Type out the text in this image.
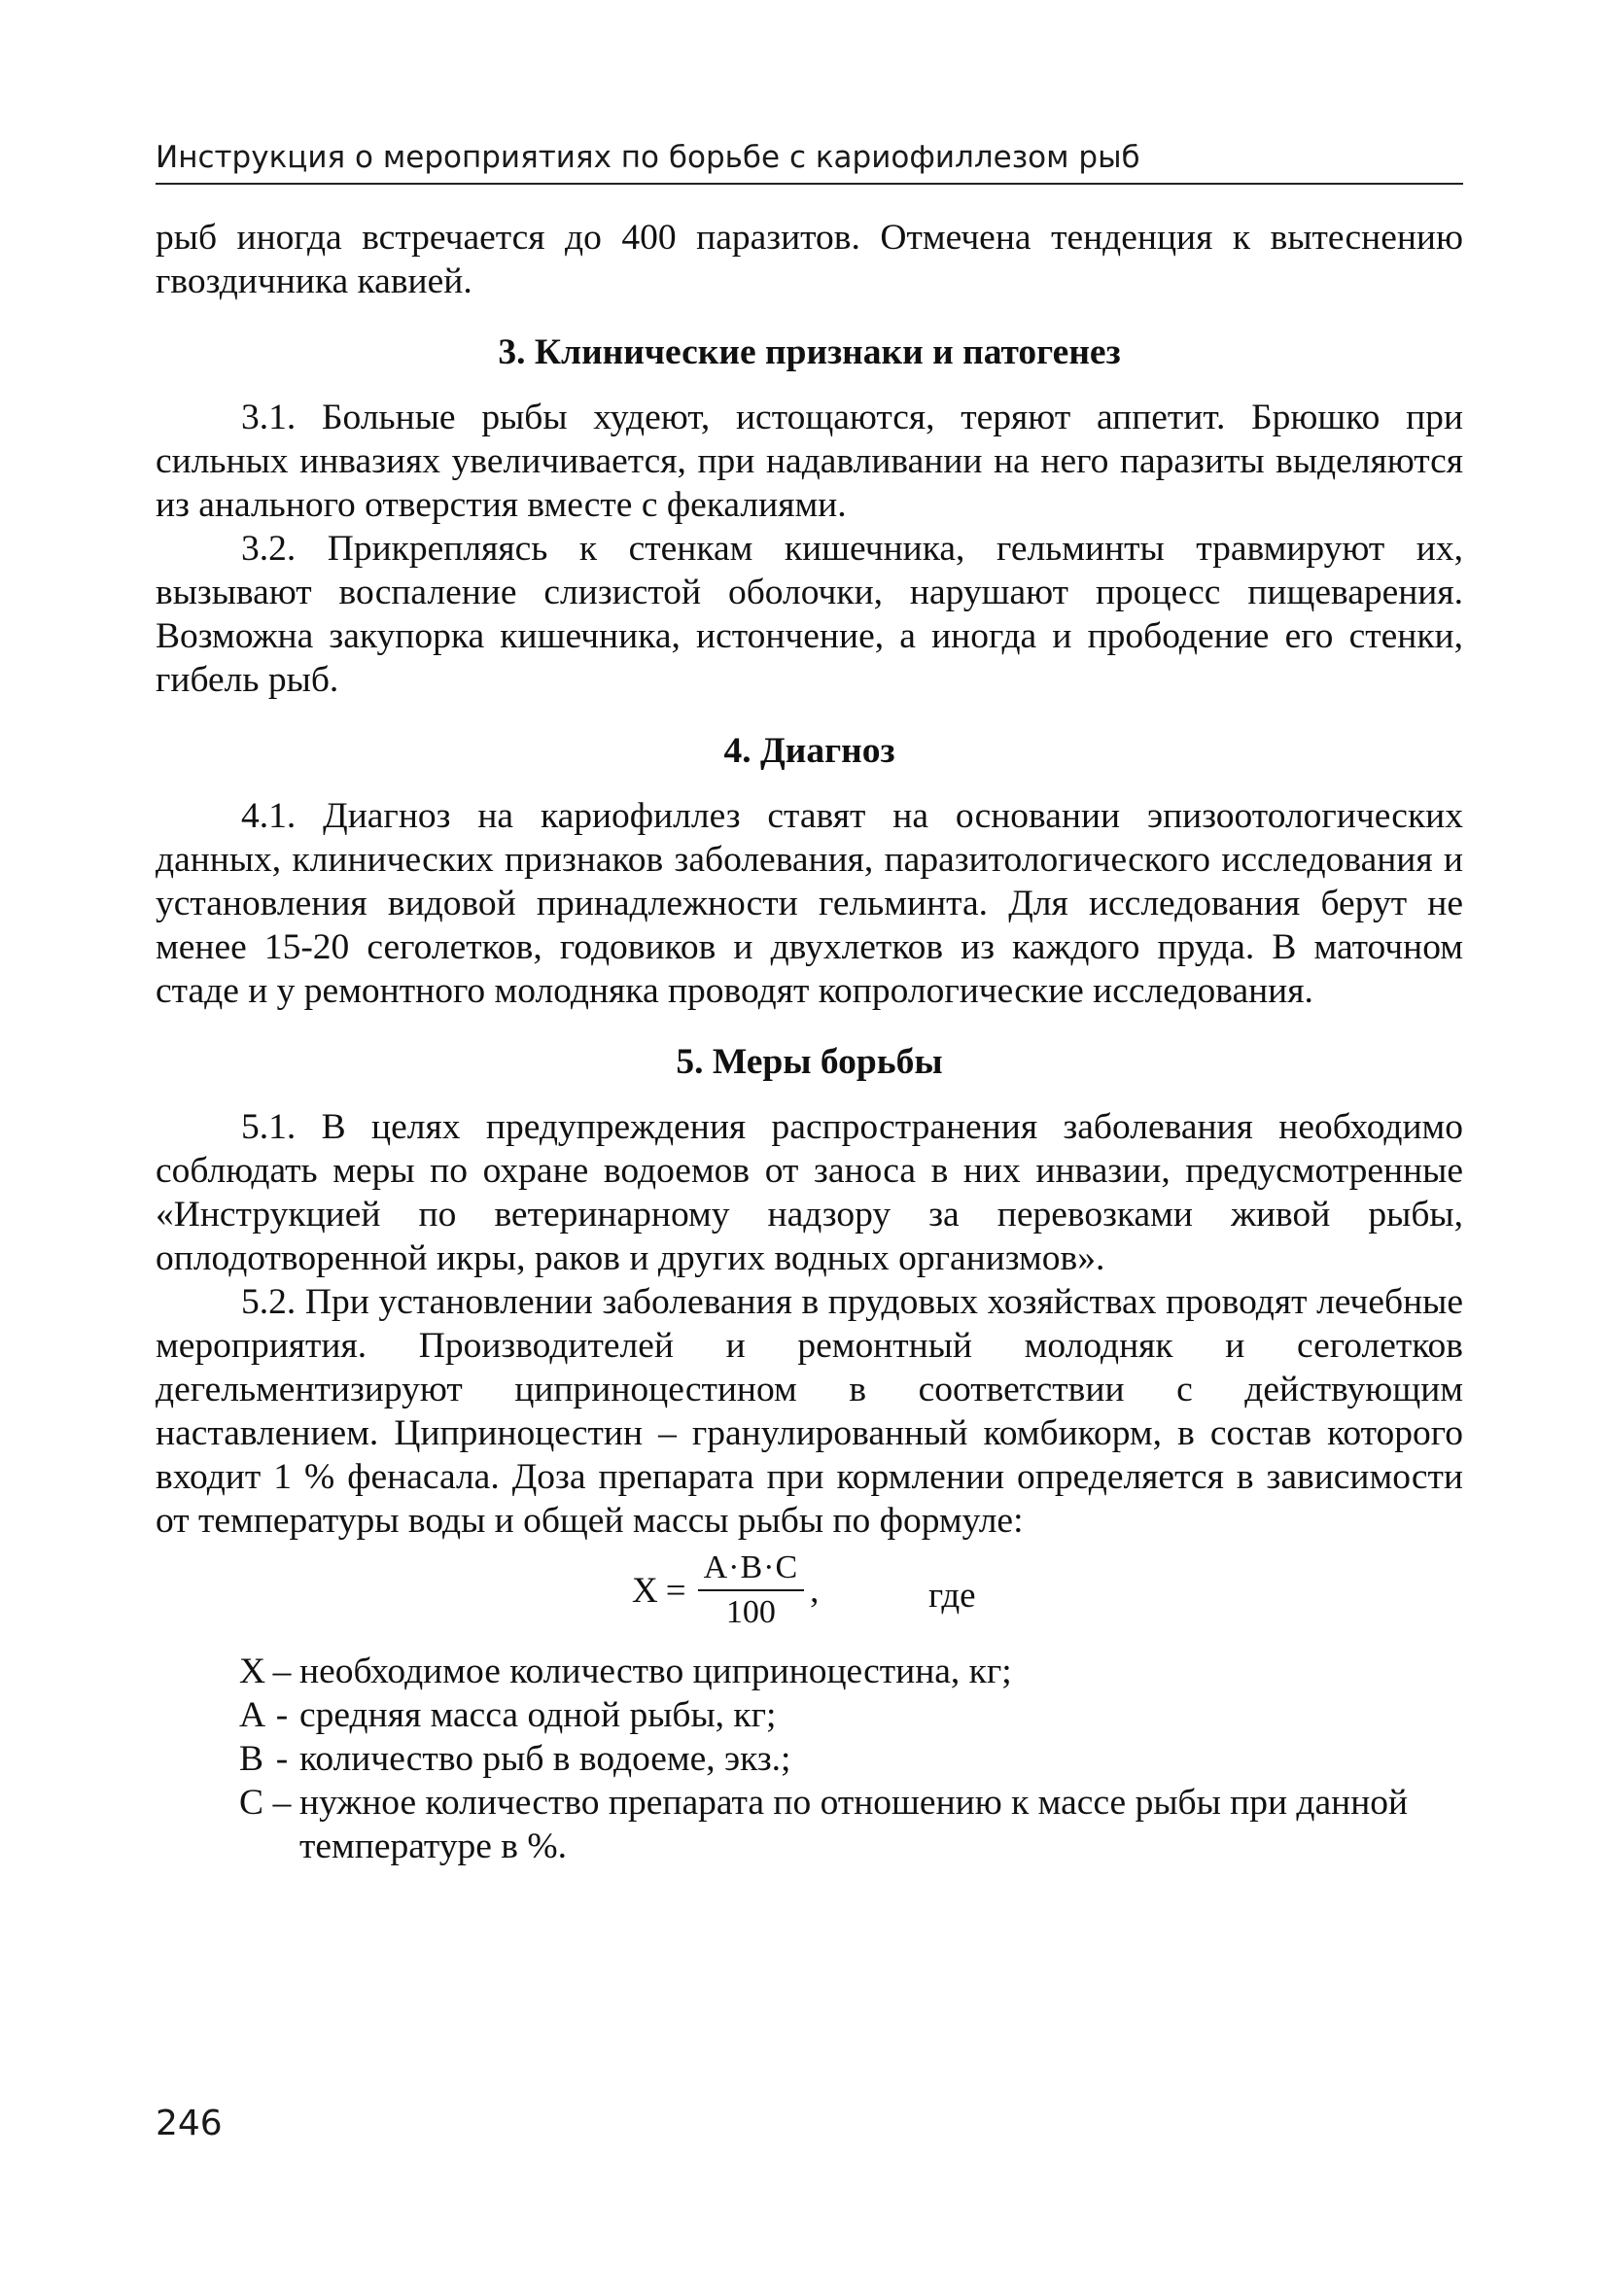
Инструкция о мероприятиях по борьбе с кариофиллезом рыб

рыб иногда встречается до 400 паразитов. Отмечена тенденция к вытеснению гвоздичника кавией.

3. Клинические признаки и патогенез

3.1. Больные рыбы худеют, истощаются, теряют аппетит. Брюшко при сильных инвазиях увеличивается, при надавливании на него паразиты выделяются из анального отверстия вместе с фекалиями.

3.2. Прикрепляясь к стенкам кишечника, гельминты травмируют их, вызывают воспаление слизистой оболочки, нарушают процесс пищеварения. Возможна закупорка кишечника, истончение, а иногда и прободение его стенки, гибель рыб.

4. Диагноз

4.1. Диагноз на кариофиллез ставят на основании эпизоотологических данных, клинических признаков заболевания, паразитологического исследования и установления видовой принадлежности гельминта. Для исследования берут не менее 15-20 сеголетков, годовиков и двухлетков из каждого пруда. В маточном стаде и у ремонтного молодняка проводят копрологические исследования.

5. Меры борьбы

5.1. В целях предупреждения распространения заболевания необходимо соблюдать меры по охране водоемов от заноса в них инвазии, предусмотренные «Инструкцией по ветеринарному надзору за перевозками живой рыбы, оплодотворенной икры, раков и других водных организмов».

5.2. При установлении заболевания в прудовых хозяйствах проводят лечебные мероприятия. Производителей и ремонтный молодняк и сеголетков дегельментизируют циприноцестином в соответствии с действующим наставлением. Циприноцестин – гранулированный комбикорм, в состав которого входит 1 % фенасала. Доза препарата при кормлении определяется в зависимости от температуры воды и общей массы рыбы по формуле:

$X = \frac{A\cdot B\cdot C}{100}$ ,	где
X – необходимое количество циприноцестина, кг;
A - средняя масса одной рыбы, кг;
B - количество рыб в водоеме, экз.;
C – нужное количество препарата по отношению к массе рыбы при данной температуре в %.
246
